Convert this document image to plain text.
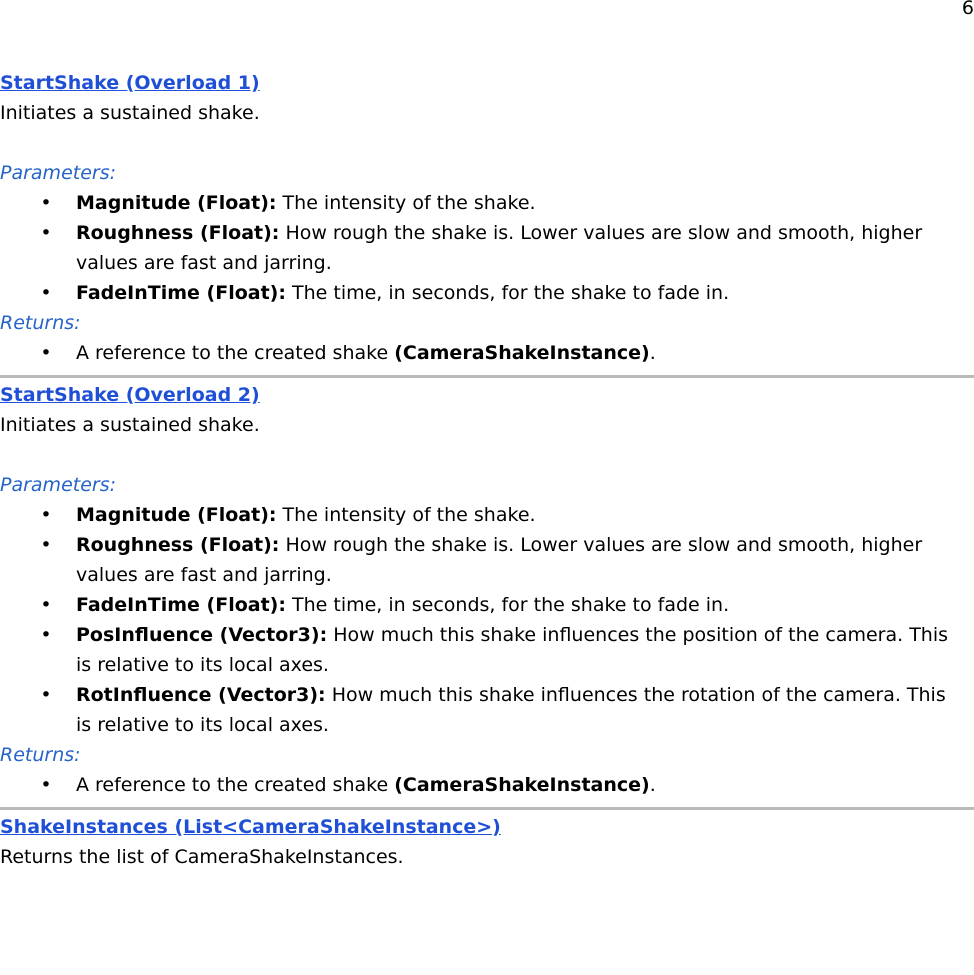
6
StartShake (Overload 1)
Initiates a sustained shake.
Parameters:
• Magnitude (Float): The intensity of the shake.
• Roughness (Float): How rough the shake is. Lower values are slow and smooth, higher values are fast and jarring.
• FadeInTime (Float): The time, in seconds, for the shake to fade in.
Returns:
• A reference to the created shake (CameraShakeInstance).
StartShake (Overload 2)
Initiates a sustained shake.
Parameters:
• Magnitude (Float): The intensity of the shake.
• Roughness (Float): How rough the shake is. Lower values are slow and smooth, higher values are fast and jarring.
• FadeInTime (Float): The time, in seconds, for the shake to fade in.
• PosInfluence (Vector3): How much this shake influences the position of the camera. This is relative to its local axes.
• RotInfluence (Vector3): How much this shake influences the rotation of the camera. This is relative to its local axes.
Returns:
• A reference to the created shake (CameraShakeInstance).
ShakeInstances (List<CameraShakeInstance>)
Returns the list of CameraShakeInstances.
